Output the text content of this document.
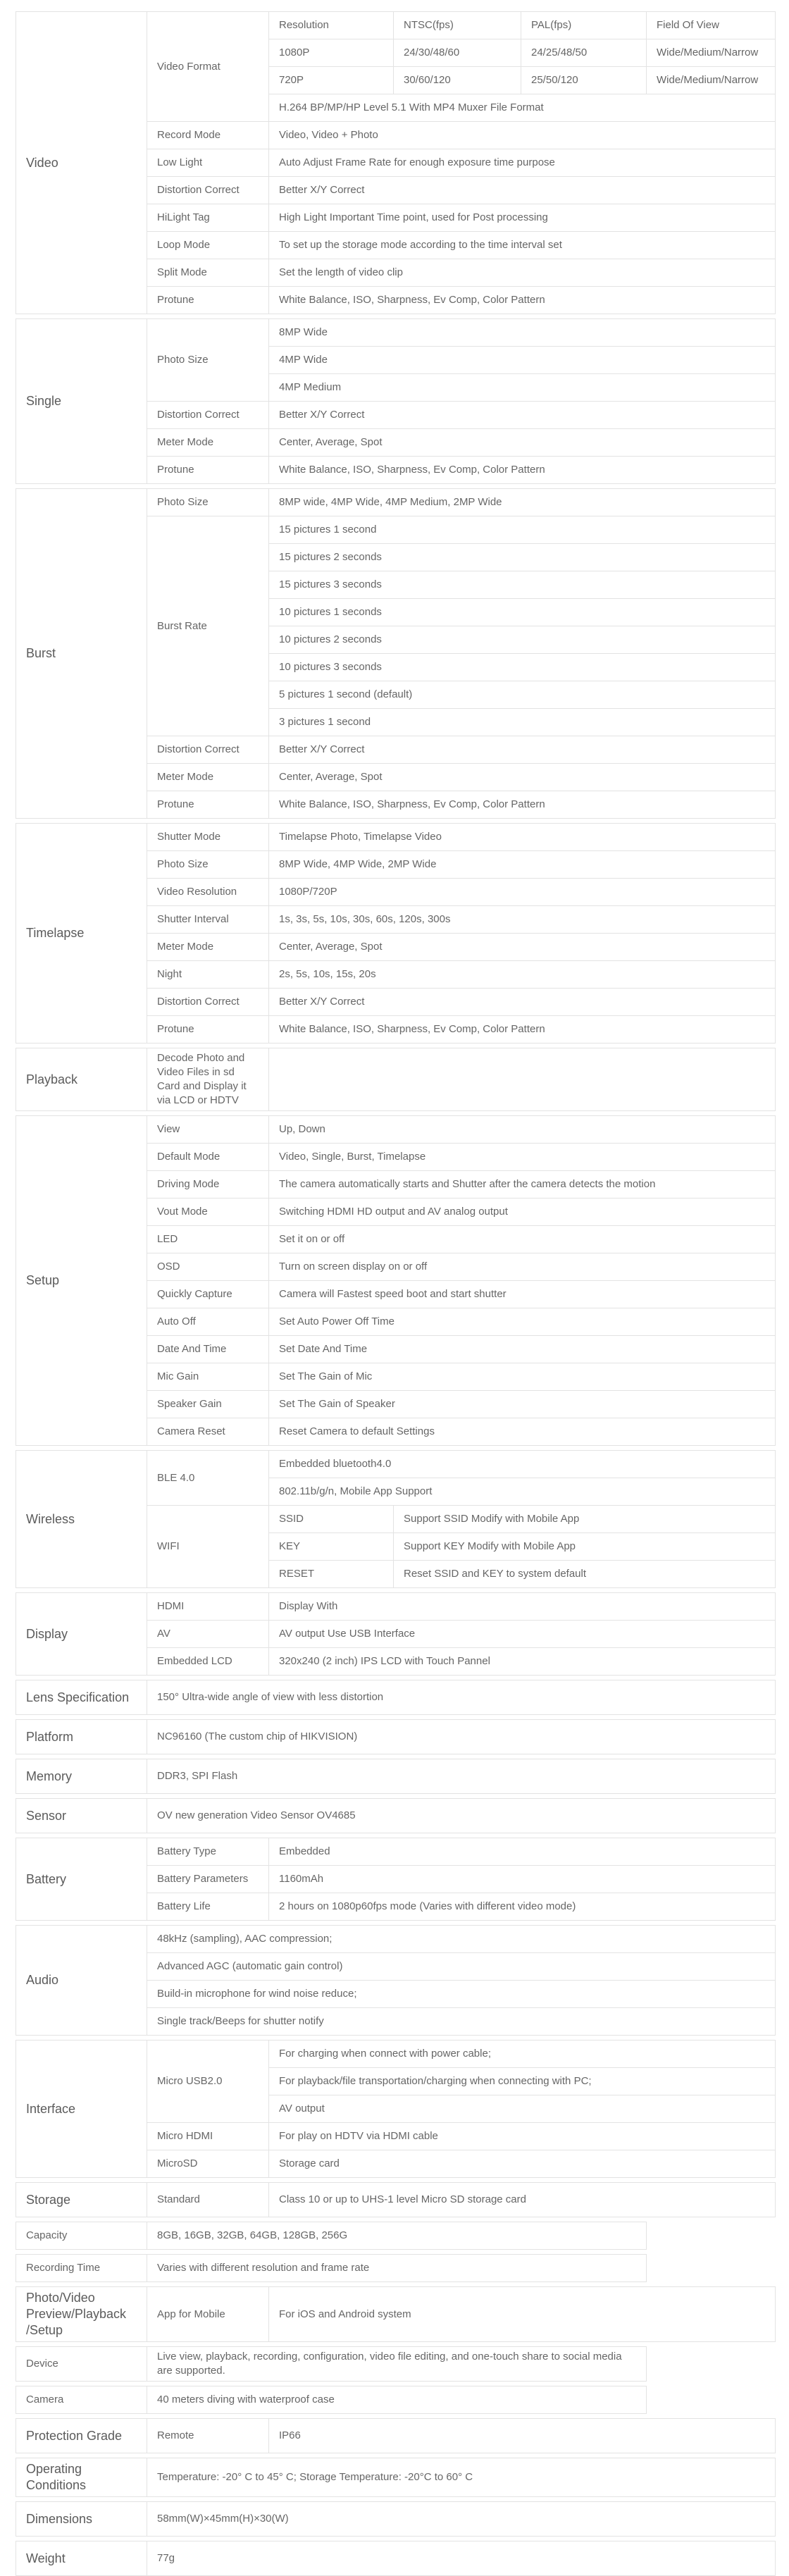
Video	Video Format	Resolution	NTSC(fps)	PAL(fps)	Field Of View
		1080P	24/30/48/60	24/25/48/50	Wide/Medium/Narrow
		720P	30/60/120	25/50/120	Wide/Medium/Narrow
		H.264 BP/MP/HP Level 5.1 With MP4 Muxer File Format			
	Record Mode	Video, Video + Photo			
	Low Light	Auto Adjust Frame Rate for enough exposure time purpose			
	Distortion Correct	Better X/Y Correct			
	HiLight Tag	High Light Important Time point, used for Post processing			
	Loop Mode	To set up the storage mode according to the time interval set			
	Split Mode	Set the length of video clip			
	Protune	White Balance, ISO, Sharpness, Ev Comp, Color Pattern			
Single	Photo Size	8MP Wide
		4MP Wide
		4MP Medium
	Distortion Correct	Better X/Y Correct
	Meter Mode	Center, Average, Spot
	Protune	White Balance, ISO, Sharpness, Ev Comp, Color Pattern
Burst	Photo Size	8MP wide, 4MP Wide, 4MP Medium, 2MP Wide
	Burst Rate	15 pictures 1 second
		15 pictures 2 seconds
		15 pictures 3 seconds
		10 pictures 1 seconds
		10 pictures 2 seconds
		10 pictures 3 seconds
		5 pictures 1 second (default)
		3 pictures 1 second
	Distortion Correct	Better X/Y Correct
	Meter Mode	Center, Average, Spot
	Protune	White Balance, ISO, Sharpness, Ev Comp, Color Pattern
Timelapse	Shutter Mode	Timelapse Photo, Timelapse Video
	Photo Size	8MP Wide, 4MP Wide, 2MP Wide
	Video Resolution	1080P/720P
	Shutter Interval	1s, 3s, 5s, 10s, 30s, 60s, 120s, 300s
	Meter Mode	Center, Average, Spot
	Night	2s, 5s, 10s, 15s, 20s
	Distortion Correct	Better X/Y Correct
	Protune	White Balance, ISO, Sharpness, Ev Comp, Color Pattern
Playback	Decode Photo and Video Files in sd Card and Display it via LCD or HDTV	
Setup	View	Up, Down
	Default Mode	Video, Single, Burst, Timelapse
	Driving Mode	The camera automatically starts and Shutter after the camera detects the motion
	Vout Mode	Switching HDMI HD output and AV analog output
	LED	Set it on or off
	OSD	Turn on screen display on or off
	Quickly Capture	Camera will Fastest speed boot and start shutter
	Auto Off	Set Auto Power Off Time
	Date And Time	Set Date And Time
	Mic Gain	Set The Gain of Mic
	Speaker Gain	Set The Gain of Speaker
	Camera Reset	Reset Camera to default Settings
Wireless	BLE 4.0	Embedded bluetooth4.0	
		802.11b/g/n, Mobile App Support	
	WIFI	SSID	Support SSID Modify with Mobile App
		KEY	Support KEY Modify with Mobile App
		RESET	Reset SSID and KEY to system default
Display	HDMI	Display With
	AV	AV output Use USB Interface
	Embedded LCD	320x240 (2 inch) IPS LCD with Touch Pannel
Lens Specification	150° Ultra-wide angle of view with less distortion
Platform	NC96160 (The custom chip of HIKVISION)
Memory	DDR3, SPI Flash
Sensor	OV new generation Video Sensor OV4685
Battery	Battery Type	Embedded
	Battery Parameters	1160mAh
	Battery Life	2 hours on 1080p60fps mode (Varies with different video mode)
Audio	48kHz (sampling), AAC compression;
Advanced AGC (automatic gain control)
Build-in microphone for wind noise reduce;
Single track/Beeps for shutter notify
Interface	Micro USB2.0	For charging when connect with power cable;
		For playback/file transportation/charging when connecting with PC;
		AV output
	Micro HDMI	For play on HDTV via HDMI cable
	MicroSD	Storage card
Storage	Standard	Class 10 or up to UHS-1 level Micro SD storage card
Capacity	8GB, 16GB, 32GB, 64GB, 128GB, 256G
Recording Time	Varies with different resolution and frame rate
Photo/Video Preview/Playback /Setup	App for Mobile	For iOS and Android system
Device	Live view, playback, recording, configuration, video file editing, and one-touch share to social media are supported.
Camera	40 meters diving with waterproof case
Protection Grade	Remote	IP66
Operating Conditions	Temperature: -20° C to 45° C; Storage Temperature: -20°C to 60° C
Dimensions	58mm(W)×45mm(H)×30(W)
Weight	77g
